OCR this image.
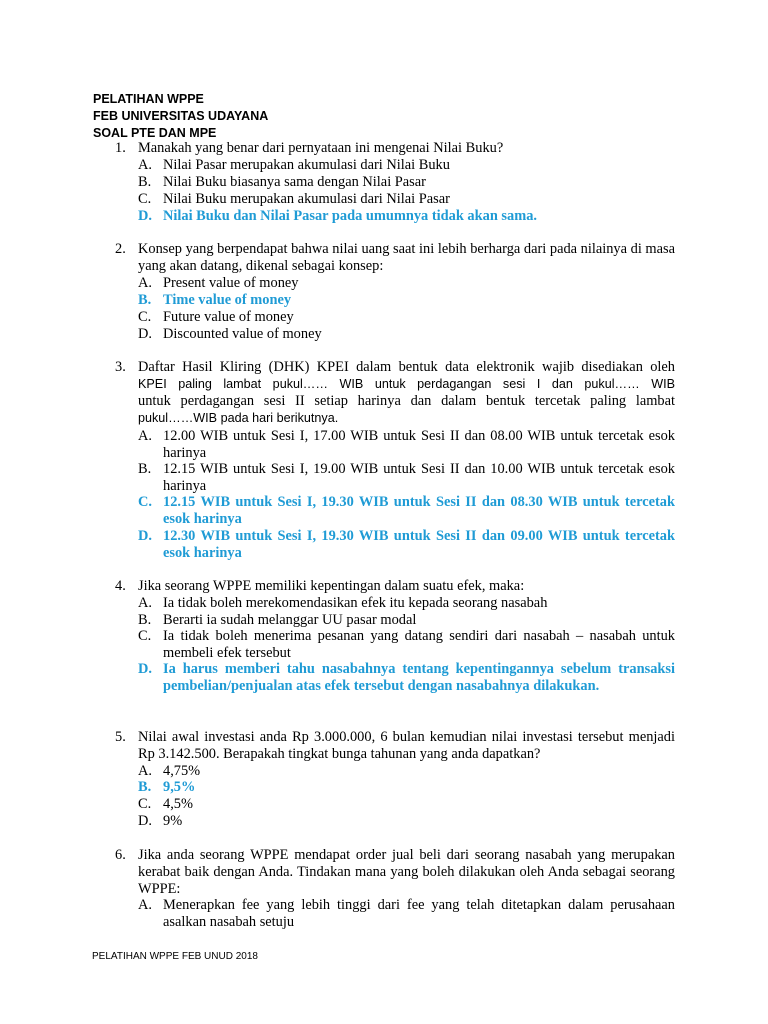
PELATIHAN WPPE
FEB UNIVERSITAS UDAYANA
SOAL PTE DAN MPE
1. Manakah yang benar dari pernyataan ini mengenai Nilai Buku?
A. Nilai Pasar merupakan akumulasi dari Nilai Buku
B. Nilai Buku biasanya sama dengan Nilai Pasar
C. Nilai Buku merupakan akumulasi dari Nilai Pasar
D. Nilai Buku dan Nilai Pasar pada umumnya tidak akan sama.
2. Konsep yang berpendapat bahwa nilai uang saat ini lebih berharga dari pada nilainya di masa yang akan datang, dikenal sebagai konsep:
A. Present value of money
B. Time value of money
C. Future value of money
D. Discounted value of money
3. Daftar Hasil Kliring (DHK) KPEI dalam bentuk data elektronik wajib disediakan oleh
KPEI paling lambat pukul…… WIB untuk perdagangan sesi I dan pukul…… WIB
untuk perdagangan sesi II setiap harinya dan dalam bentuk tercetak paling lambat
pukul……WIB pada hari berikutnya.
A. 12.00 WIB untuk Sesi I, 17.00 WIB untuk Sesi II dan 08.00 WIB untuk tercetak esok harinya
B. 12.15 WIB untuk Sesi I, 19.00 WIB untuk Sesi II dan 10.00 WIB untuk tercetak esok harinya
C. 12.15 WIB untuk Sesi I, 19.30 WIB untuk Sesi II dan 08.30 WIB untuk tercetak esok harinya
D. 12.30 WIB untuk Sesi I, 19.30 WIB untuk Sesi II dan 09.00 WIB untuk tercetak esok harinya
4. Jika seorang WPPE memiliki kepentingan dalam suatu efek, maka:
A. Ia tidak boleh merekomendasikan efek itu kepada seorang nasabah
B. Berarti ia sudah melanggar UU pasar modal
C. Ia tidak boleh menerima pesanan yang datang sendiri dari nasabah – nasabah untuk membeli efek tersebut
D. Ia harus memberi tahu nasabahnya tentang kepentingannya sebelum transaksi pembelian/penjualan atas efek tersebut dengan nasabahnya dilakukan.
5. Nilai awal investasi anda Rp 3.000.000, 6 bulan kemudian nilai investasi tersebut menjadi Rp 3.142.500. Berapakah tingkat bunga tahunan yang anda dapatkan?
A. 4,75%
B. 9,5%
C. 4,5%
D. 9%
6. Jika anda seorang WPPE mendapat order jual beli dari seorang nasabah yang merupakan kerabat baik dengan Anda. Tindakan mana yang boleh dilakukan oleh Anda sebagai seorang WPPE:
A. Menerapkan fee yang lebih tinggi dari fee yang telah ditetapkan dalam perusahaan asalkan nasabah setuju
PELATIHAN WPPE FEB UNUD 2018
